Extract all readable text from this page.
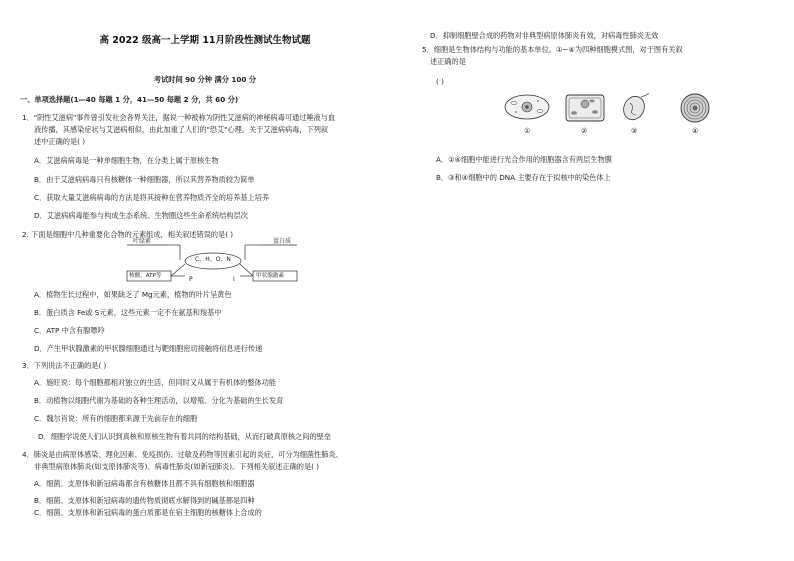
高 2022 级高一上学期 11月阶段性测试生物试题
考试时间 90 分钟 满分 100 分
一、单项选择题(1—40 每题 1 分，41—50 每题 2 分，共 60 分)
1．"阴性艾滋病"事件曾引发社会各界关注，据说一种被称为阴性艾滋病的神秘病毒可通过唾液与血
液传播，其感染症状与艾滋病相似，由此加重了人们的"恐艾"心理。关于艾滋病病毒，下列叙
述中正确的是( )
A．艾滋病病毒是一种单细胞生物，在分类上属于原核生物
B．由于艾滋病病毒只有核糖体一种细胞器，所以其营养物质较为简单
C．获取大量艾滋病病毒的方法是将其接种在营养物质齐全的培养基上培养
D．艾滋病病毒能参与构成生态系统、生物圈这些生命系统结构层次
2. 下面是细胞中几种重要化合物的元素组成，相关叙述错误的是( )
叶绿素	蛋白质
C、H、O、N
核酸，ATP等	甲状腺激素
P	I
A．植物生长过程中，如果缺乏了 Mg元素，植物的叶片呈黄色
B．蛋白质含 Fe或 S元素，这些元素一定不在氨基和羧基中
C．ATP 中含有腺嘌呤
D．产生甲状腺激素的甲状腺细胞通过与靶细胞密切接触将信息进行传递
3．下列说法不正确的是( )
A．施旺说：每个细胞都相对独立的生活，但同时又从属于有机体的整体功能
B．动植物以细胞代谢为基础的各种生理活动，以增殖、分化为基础的生长发育
C．魏尔肖说：所有的细胞都来源于先前存在的细胞
D．细胞学说使人们认识到真核和原核生物有着共同的结构基础，从而打破真原核之间的壁垒
4．肺炎是由病原体感染、理化因素、免疫损伤、过敏及药物等因素引起的炎症，可分为细菌性肺炎、
非典型病原体肺炎(如支原体肺炎等)、病毒性肺炎(如新冠肺炎)。下列相关叙述正确的是( )
A．细菌、支原体和新冠病毒都含有核糖体且都不具有细胞核和细胞器
B．细菌、支原体和新冠病毒的遗传物质彻底水解得到的碱基都是四种
C．细菌、支原体和新冠病毒的蛋白质都是在宿主细胞的核糖体上合成的
D．抑制细胞壁合成的药物对非典型病原体肺炎有效，对病毒性肺炎无效
5．细胞是生物体结构与功能的基本单位。①~④为四种细胞模式图，对于图有关叙
述正确的是
( )
①	②	③	④
A．①④细胞中能进行光合作用的细胞器含有两层生物膜
B．③和④细胞中的 DNA 主要存在于拟核中的染色体上
